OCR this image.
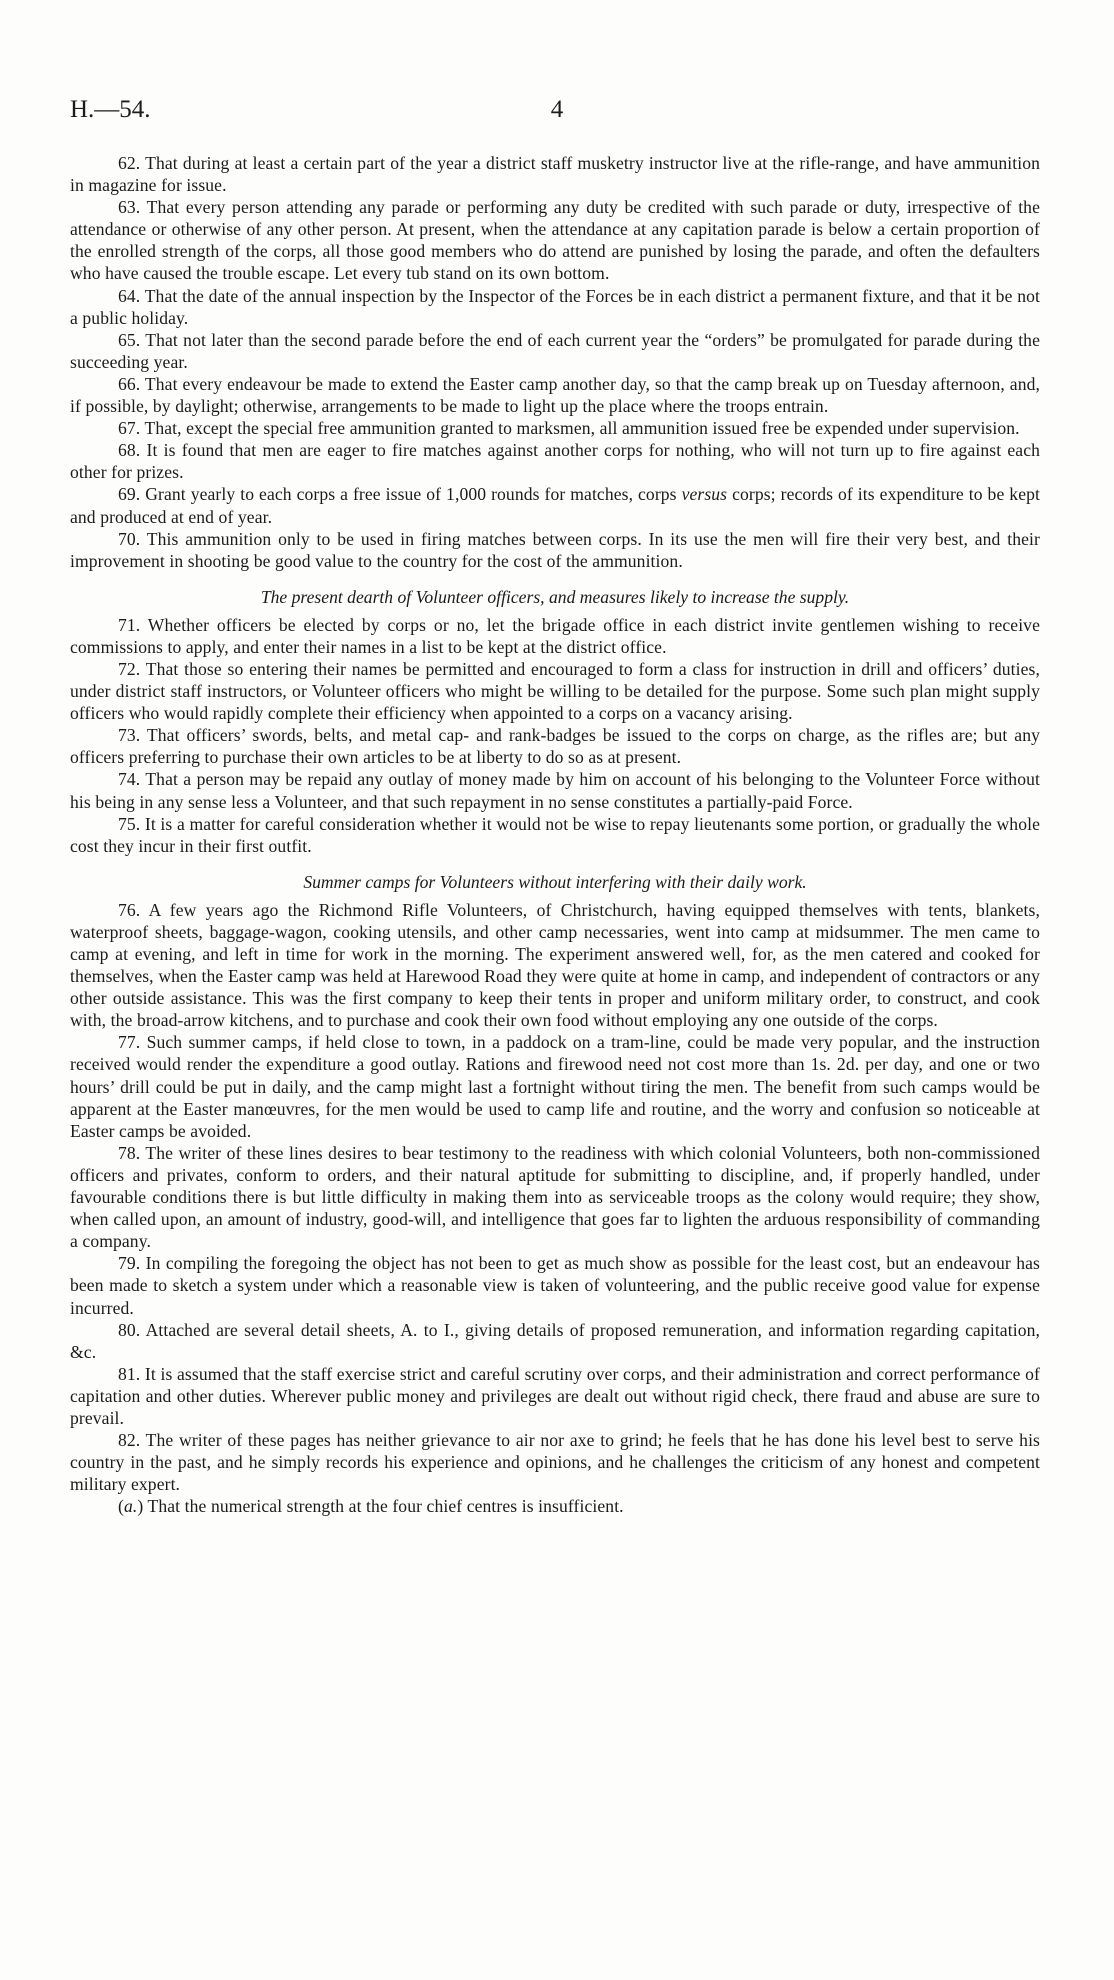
H.—54.	4

62. That during at least a certain part of the year a district staff musketry instructor live at the rifle-range, and have ammunition in magazine for issue.

63. That every person attending any parade or performing any duty be credited with such parade or duty, irrespective of the attendance or otherwise of any other person. At present, when the attendance at any capitation parade is below a certain proportion of the enrolled strength of the corps, all those good members who do attend are punished by losing the parade, and often the defaulters who have caused the trouble escape. Let every tub stand on its own bottom.

64. That the date of the annual inspection by the Inspector of the Forces be in each district a permanent fixture, and that it be not a public holiday.

65. That not later than the second parade before the end of each current year the “orders” be promulgated for parade during the succeeding year.

66. That every endeavour be made to extend the Easter camp another day, so that the camp break up on Tuesday afternoon, and, if possible, by daylight; otherwise, arrangements to be made to light up the place where the troops entrain.

67. That, except the special free ammunition granted to marksmen, all ammunition issued free be expended under supervision.

68. It is found that men are eager to fire matches against another corps for nothing, who will not turn up to fire against each other for prizes.

69. Grant yearly to each corps a free issue of 1,000 rounds for matches, corps versus corps; records of its expenditure to be kept and produced at end of year.

70. This ammunition only to be used in firing matches between corps. In its use the men will fire their very best, and their improvement in shooting be good value to the country for the cost of the ammunition.

The present dearth of Volunteer officers, and measures likely to increase the supply.

71. Whether officers be elected by corps or no, let the brigade office in each district invite gentlemen wishing to receive commissions to apply, and enter their names in a list to be kept at the district office.

72. That those so entering their names be permitted and encouraged to form a class for instruction in drill and officers’ duties, under district staff instructors, or Volunteer officers who might be willing to be detailed for the purpose. Some such plan might supply officers who would rapidly complete their efficiency when appointed to a corps on a vacancy arising.

73. That officers’ swords, belts, and metal cap- and rank-badges be issued to the corps on charge, as the rifles are; but any officers preferring to purchase their own articles to be at liberty to do so as at present.

74. That a person may be repaid any outlay of money made by him on account of his belonging to the Volunteer Force without his being in any sense less a Volunteer, and that such repayment in no sense constitutes a partially-paid Force.

75. It is a matter for careful consideration whether it would not be wise to repay lieutenants some portion, or gradually the whole cost they incur in their first outfit.

Summer camps for Volunteers without interfering with their daily work.

76. A few years ago the Richmond Rifle Volunteers, of Christchurch, having equipped themselves with tents, blankets, waterproof sheets, baggage-wagon, cooking utensils, and other camp necessaries, went into camp at midsummer. The men came to camp at evening, and left in time for work in the morning. The experiment answered well, for, as the men catered and cooked for themselves, when the Easter camp was held at Harewood Road they were quite at home in camp, and independent of contractors or any other outside assistance. This was the first company to keep their tents in proper and uniform military order, to construct, and cook with, the broad-arrow kitchens, and to purchase and cook their own food without employing any one outside of the corps.

77. Such summer camps, if held close to town, in a paddock on a tram-line, could be made very popular, and the instruction received would render the expenditure a good outlay. Rations and firewood need not cost more than 1s. 2d. per day, and one or two hours’ drill could be put in daily, and the camp might last a fortnight without tiring the men. The benefit from such camps would be apparent at the Easter manœuvres, for the men would be used to camp life and routine, and the worry and confusion so noticeable at Easter camps be avoided.

78. The writer of these lines desires to bear testimony to the readiness with which colonial Volunteers, both non-commissioned officers and privates, conform to orders, and their natural aptitude for submitting to discipline, and, if properly handled, under favourable conditions there is but little difficulty in making them into as serviceable troops as the colony would require; they show, when called upon, an amount of industry, good-will, and intelligence that goes far to lighten the arduous responsibility of commanding a company.

79. In compiling the foregoing the object has not been to get as much show as possible for the least cost, but an endeavour has been made to sketch a system under which a reasonable view is taken of volunteering, and the public receive good value for expense incurred.

80. Attached are several detail sheets, A. to I., giving details of proposed remuneration, and information regarding capitation, &c.

81. It is assumed that the staff exercise strict and careful scrutiny over corps, and their administration and correct performance of capitation and other duties. Wherever public money and privileges are dealt out without rigid check, there fraud and abuse are sure to prevail.

82. The writer of these pages has neither grievance to air nor axe to grind; he feels that he has done his level best to serve his country in the past, and he simply records his experience and opinions, and he challenges the criticism of any honest and competent military expert.

(a.) That the numerical strength at the four chief centres is insufficient.
